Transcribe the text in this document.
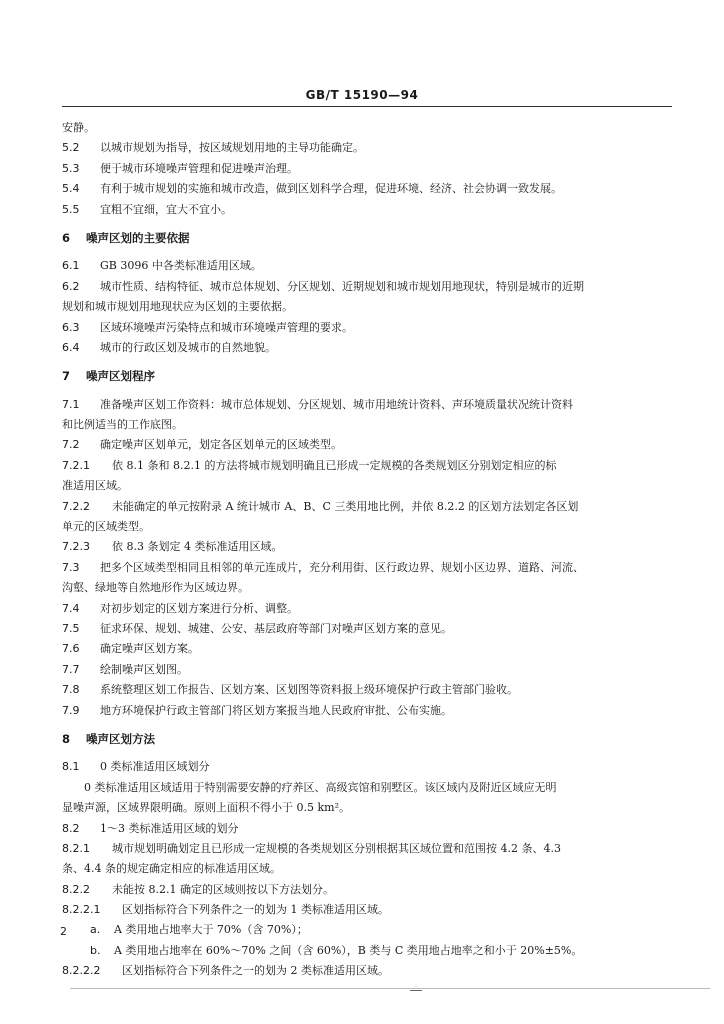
GB/T 15190—94
安静。
5.2 以城市规划为指导，按区域规划用地的主导功能确定。
5.3 便于城市环境噪声管理和促进噪声治理。
5.4 有利于城市规划的实施和城市改造，做到区划科学合理，促进环境、经济、社会协调一致发展。
5.5 宜粗不宜细，宜大不宜小。
6 噪声区划的主要依据
6.1 GB 3096 中各类标准适用区域。
6.2 城市性质、结构特征、城市总体规划、分区规划、近期规划和城市规划用地现状，特别是城市的近期
规划和城市规划用地现状应为区划的主要依据。
6.3 区域环境噪声污染特点和城市环境噪声管理的要求。
6.4 城市的行政区划及城市的自然地貌。
7 噪声区划程序
7.1 准备噪声区划工作资料：城市总体规划、分区规划、城市用地统计资料、声环境质量状况统计资料
和比例适当的工作底图。
7.2 确定噪声区划单元，划定各区划单元的区域类型。
7.2.1 依 8.1 条和 8.2.1 的方法将城市规划明确且已形成一定规模的各类规划区分别划定相应的标
准适用区域。
7.2.2 未能确定的单元按附录 A 统计城市 A、B、C 三类用地比例，并依 8.2.2 的区划方法划定各区划
单元的区域类型。
7.2.3 依 8.3 条划定 4 类标准适用区域。
7.3 把多个区域类型相同且相邻的单元连成片，充分利用街、区行政边界、规划小区边界、道路、河流、
沟壑、绿地等自然地形作为区域边界。
7.4 对初步划定的区划方案进行分析、调整。
7.5 征求环保、规划、城建、公安、基层政府等部门对噪声区划方案的意见。
7.6 确定噪声区划方案。
7.7 绘制噪声区划图。
7.8 系统整理区划工作报告、区划方案、区划图等资料报上级环境保护行政主管部门验收。
7.9 地方环境保护行政主管部门将区划方案报当地人民政府审批、公布实施。
8 噪声区划方法
8.1 0 类标准适用区域划分
0 类标准适用区域适用于特别需要安静的疗养区、高级宾馆和别墅区。该区域内及附近区域应无明
显噪声源，区域界限明确。原则上面积不得小于 0.5 km²。
8.2 1～3 类标准适用区域的划分
8.2.1 城市规划明确划定且已形成一定规模的各类规划区分别根据其区域位置和范围按 4.2 条、4.3
条、4.4 条的规定确定相应的标准适用区域。
8.2.2 未能按 8.2.1 确定的区域则按以下方法划分。
8.2.2.1 区划指标符合下列条件之一的划为 1 类标准适用区域。
a. A 类用地占地率大于 70%（含 70%）；
b. A 类用地占地率在 60%～70% 之间（含 60%），B 类与 C 类用地占地率之和小于 20%±5%。
8.2.2.2 区划指标符合下列条件之一的划为 2 类标准适用区域。
2
